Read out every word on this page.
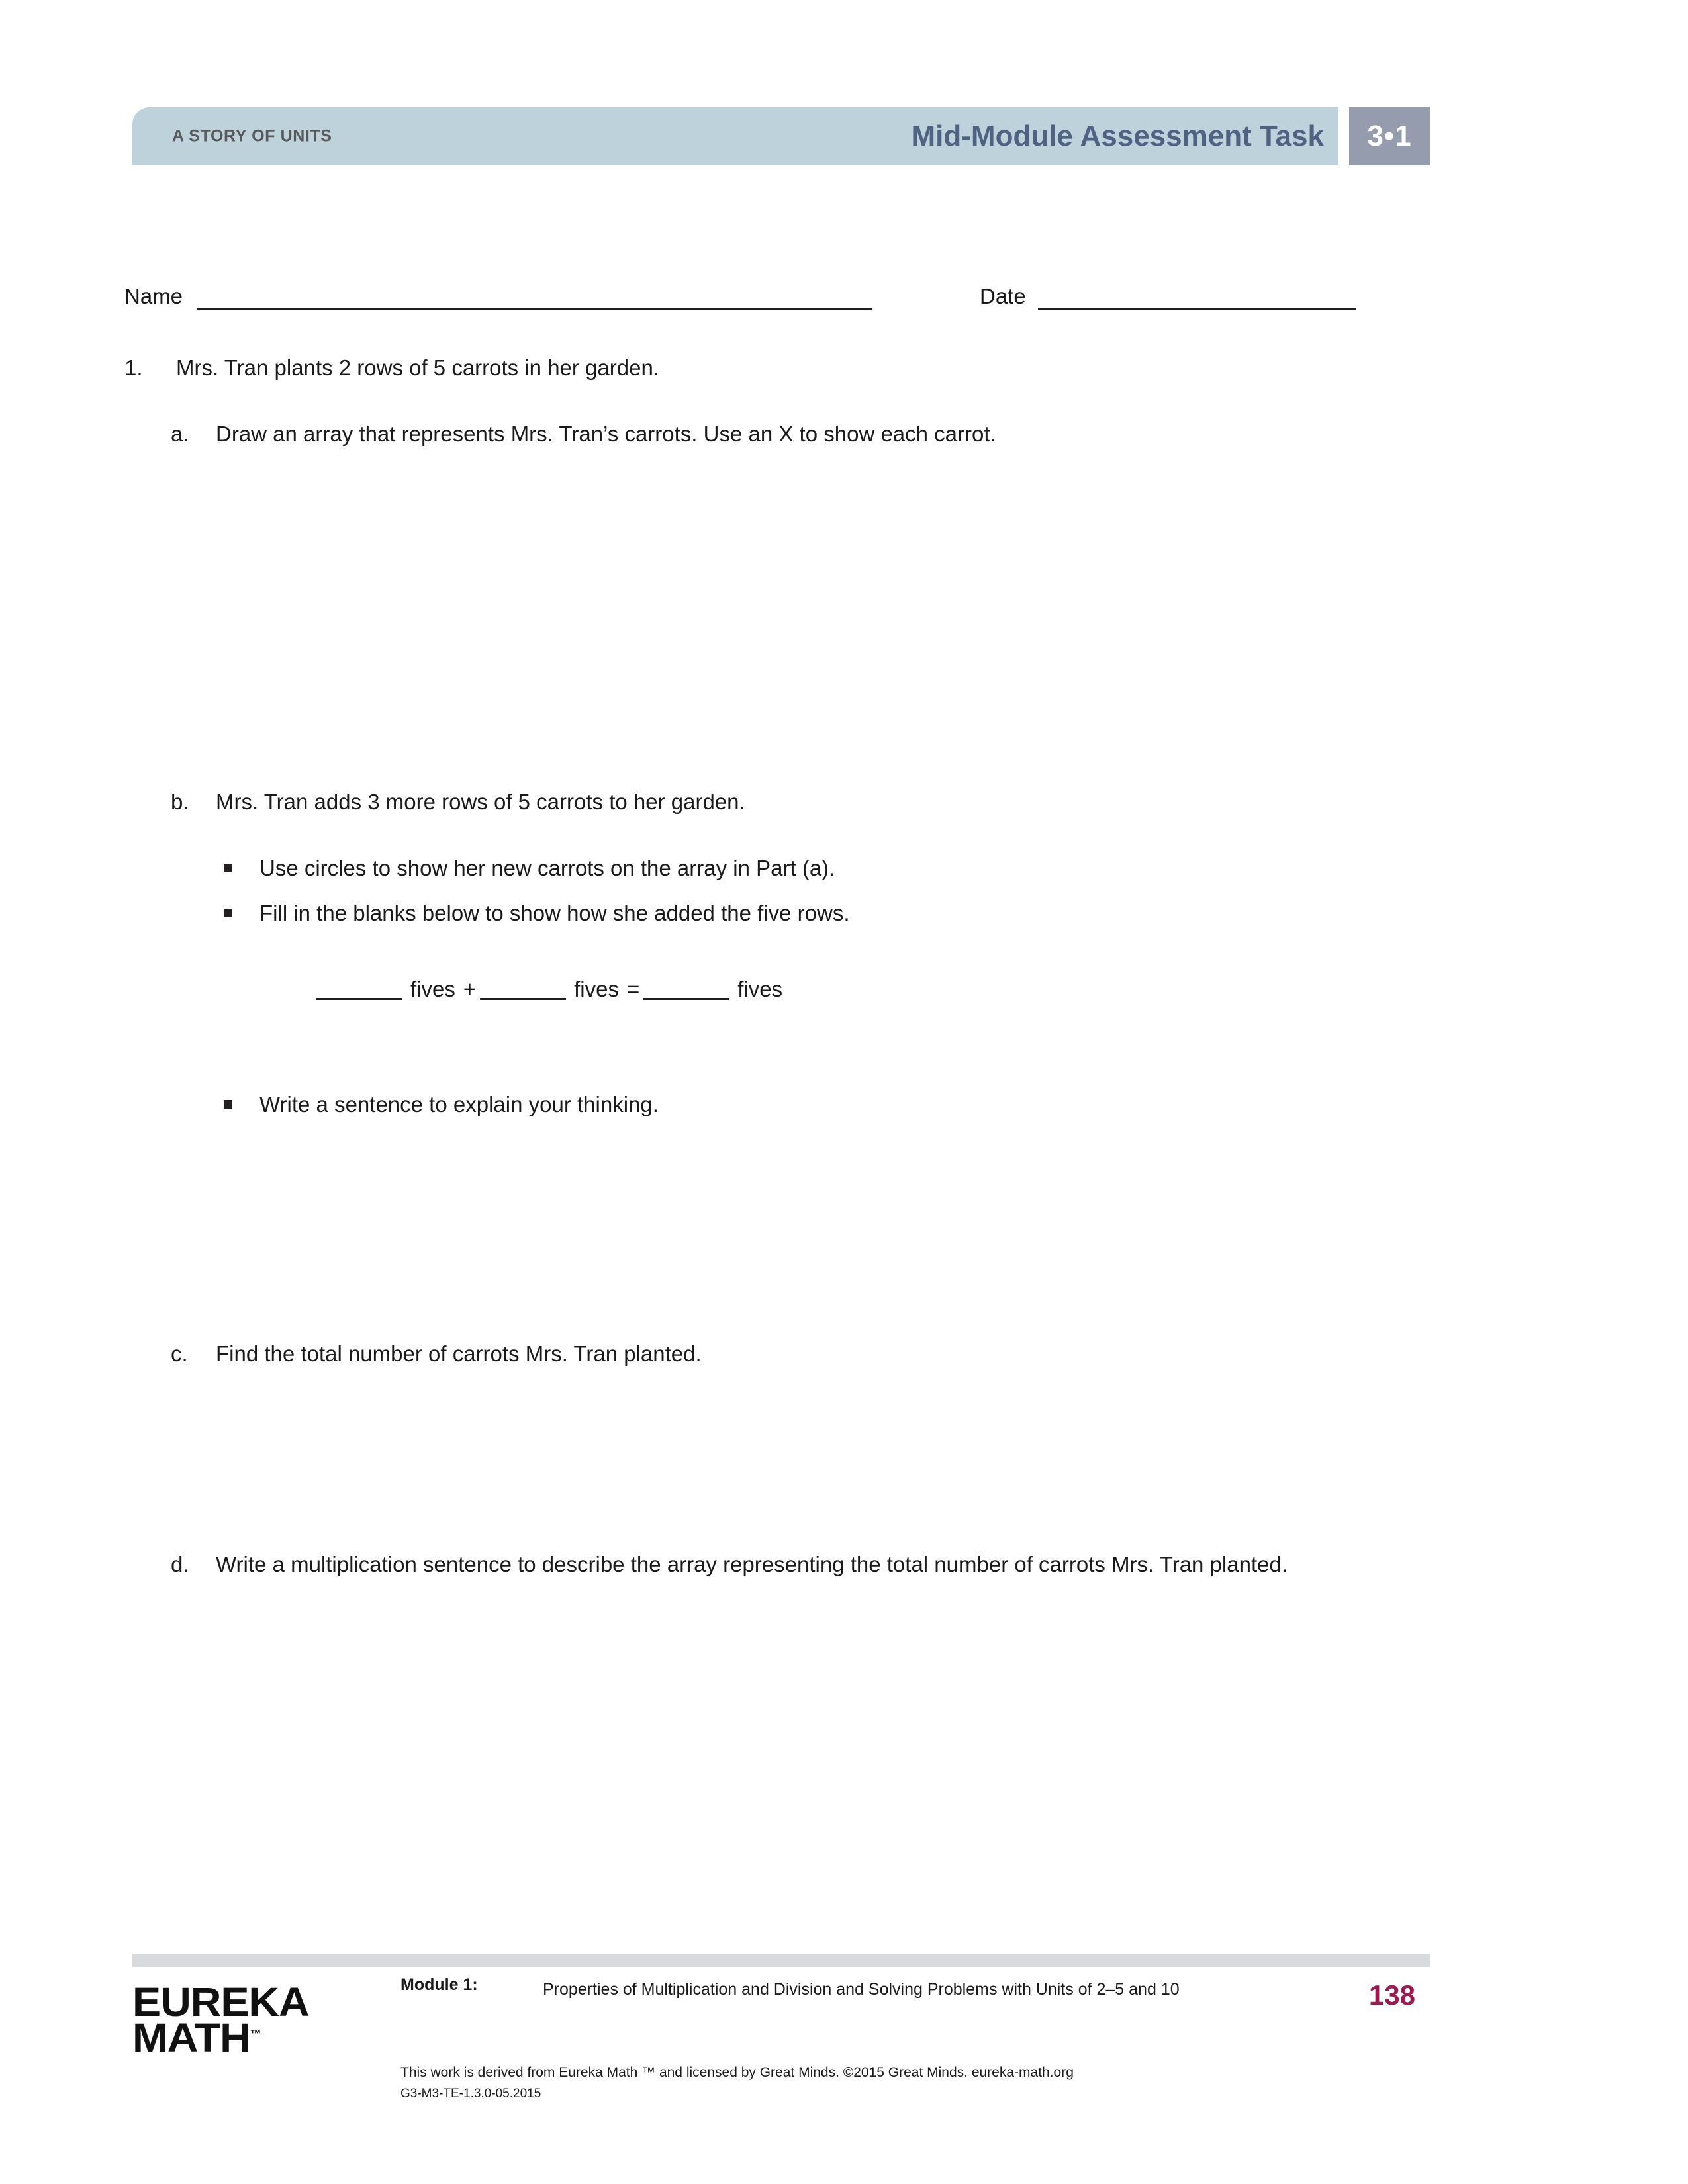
A STORY OF UNITS	Mid-Module Assessment Task	3•1
Name	Date
1.	Mrs. Tran plants 2 rows of 5 carrots in her garden.
a.	Draw an array that represents Mrs. Tran’s carrots. Use an X to show each carrot.
b.	Mrs. Tran adds 3 more rows of 5 carrots to her garden.
Use circles to show her new carrots on the array in Part (a).
Fill in the blanks below to show how she added the five rows.
fives +	fives =	fives
Write a sentence to explain your thinking.
c.	Find the total number of carrots Mrs. Tran planted.
d.	Write a multiplication sentence to describe the array representing the total number of carrots Mrs. Tran planted.
EUREKA
MATH™
Module 1:	Properties of Multiplication and Division and Solving Problems with Units of 2–5 and 10
This work is derived from Eureka Math ™ and licensed by Great Minds. ©2015 Great Minds. eureka-math.org
G3-M3-TE-1.3.0-05.2015
138
